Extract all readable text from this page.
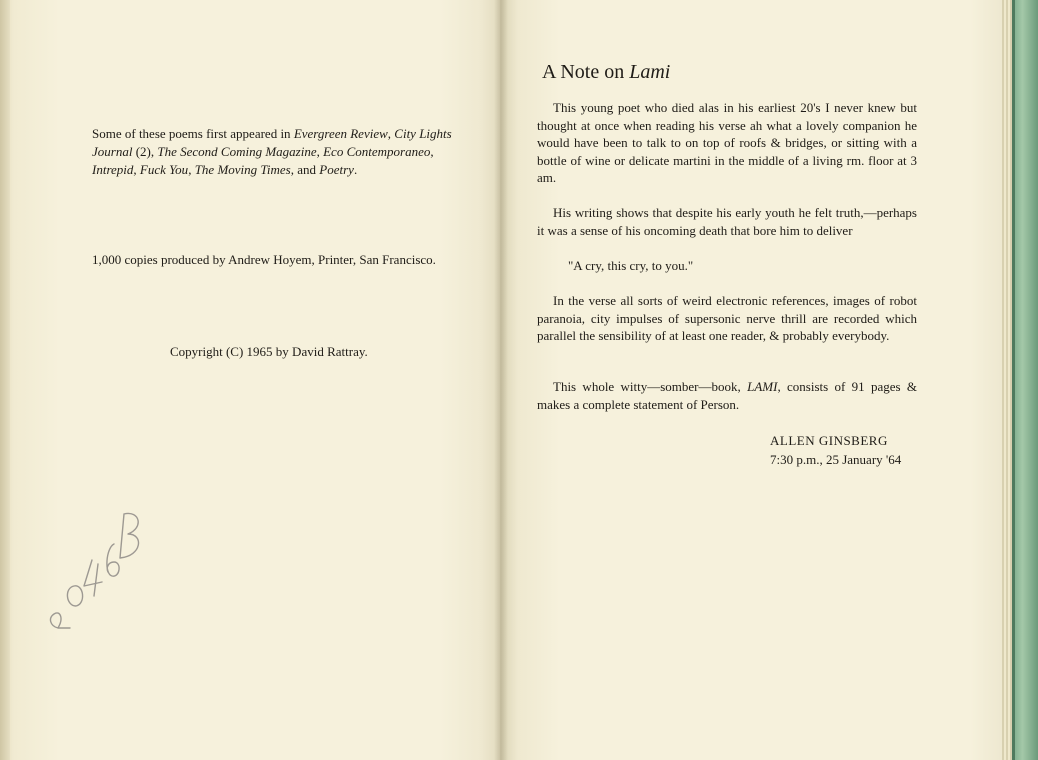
Some of these poems first appeared in Evergreen Review, City Lights Journal (2), The Second Coming Magazine, Eco Contemporaneo, Intrepid, Fuck You, The Moving Times, and Poetry.
1,000 copies produced by Andrew Hoyem, Printer, San Francisco.
Copyright (C) 1965 by David Rattray.
A Note on Lami
This young poet who died alas in his earliest 20's I never knew but thought at once when reading his verse ah what a lovely companion he would have been to talk to on top of roofs & bridges, or sitting with a bottle of wine or delicate martini in the middle of a living rm. floor at 3 am.
His writing shows that despite his early youth he felt truth,—perhaps it was a sense of his oncoming death that bore him to deliver
"A cry, this cry, to you."
In the verse all sorts of weird electronic references, images of robot paranoia, city impulses of supersonic nerve thrill are recorded which parallel the sensibility of at least one reader, & probably everybody.
This whole witty—somber—book, LAMI, consists of 91 pages & makes a complete statement of Person.
ALLEN GINSBERG
7:30 p.m., 25 January '64
